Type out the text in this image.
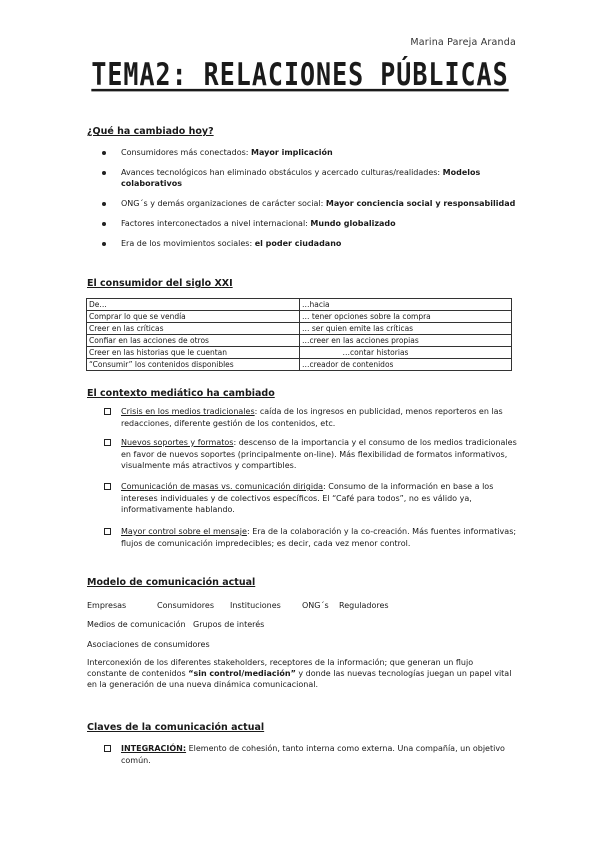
Marina Pareja Aranda
TEMA2: RELACIONES PÚBLICAS
¿Qué ha cambiado hoy?
Consumidores más conectados: Mayor implicación
Avances tecnológicos han eliminado obstáculos y acercado culturas/realidades: Modelos colaborativos
ONG´s y demás organizaciones de carácter social: Mayor conciencia social y responsabilidad
Factores interconectados a nivel internacional: Mundo globalizado
Era de los movimientos sociales: el poder ciudadano
El consumidor del siglo XXI
De…	…hacia
Comprar lo que se vendía	… tener opciones sobre la compra
Creer en las críticas	… ser quien emite las críticas
Confiar en las acciones de otros	…creer en las acciones propias
Creer en las historias que le cuentan	…contar historias
“Consumir” los contenidos disponibles	…creador de contenidos
El contexto mediático ha cambiado
Crisis en los medios tradicionales: caída de los ingresos en publicidad, menos reporteros en las redacciones, diferente gestión de los contenidos, etc.
Nuevos soportes y formatos: descenso de la importancia y el consumo de los medios tradicionales en favor de nuevos soportes (principalmente on-line). Más flexibilidad de formatos informativos, visualmente más atractivos y compartibles.
Comunicación de masas vs. comunicación dirigida: Consumo de la información en base a los intereses individuales y de colectivos específicos. El “Café para todos”, no es válido ya, informativamente hablando.
Mayor control sobre el mensaje: Era de la colaboración y la co-creación. Más fuentes informativas; flujos de comunicación impredecibles; es decir, cada vez menor control.
Modelo de comunicación actual
Empresas	Consumidores Instituciones	ONG´s Reguladores
Medios de comunicación Grupos de interés
Asociaciones de consumidores
Interconexión de los diferentes stakeholders, receptores de la información; que generan un flujo constante de contenidos “sin control/mediación” y donde las nuevas tecnologías juegan un papel vital en la generación de una nueva dinámica comunicacional.
Claves de la comunicación actual
INTEGRACIÓN: Elemento de cohesión, tanto interna como externa. Una compañía, un objetivo común.
